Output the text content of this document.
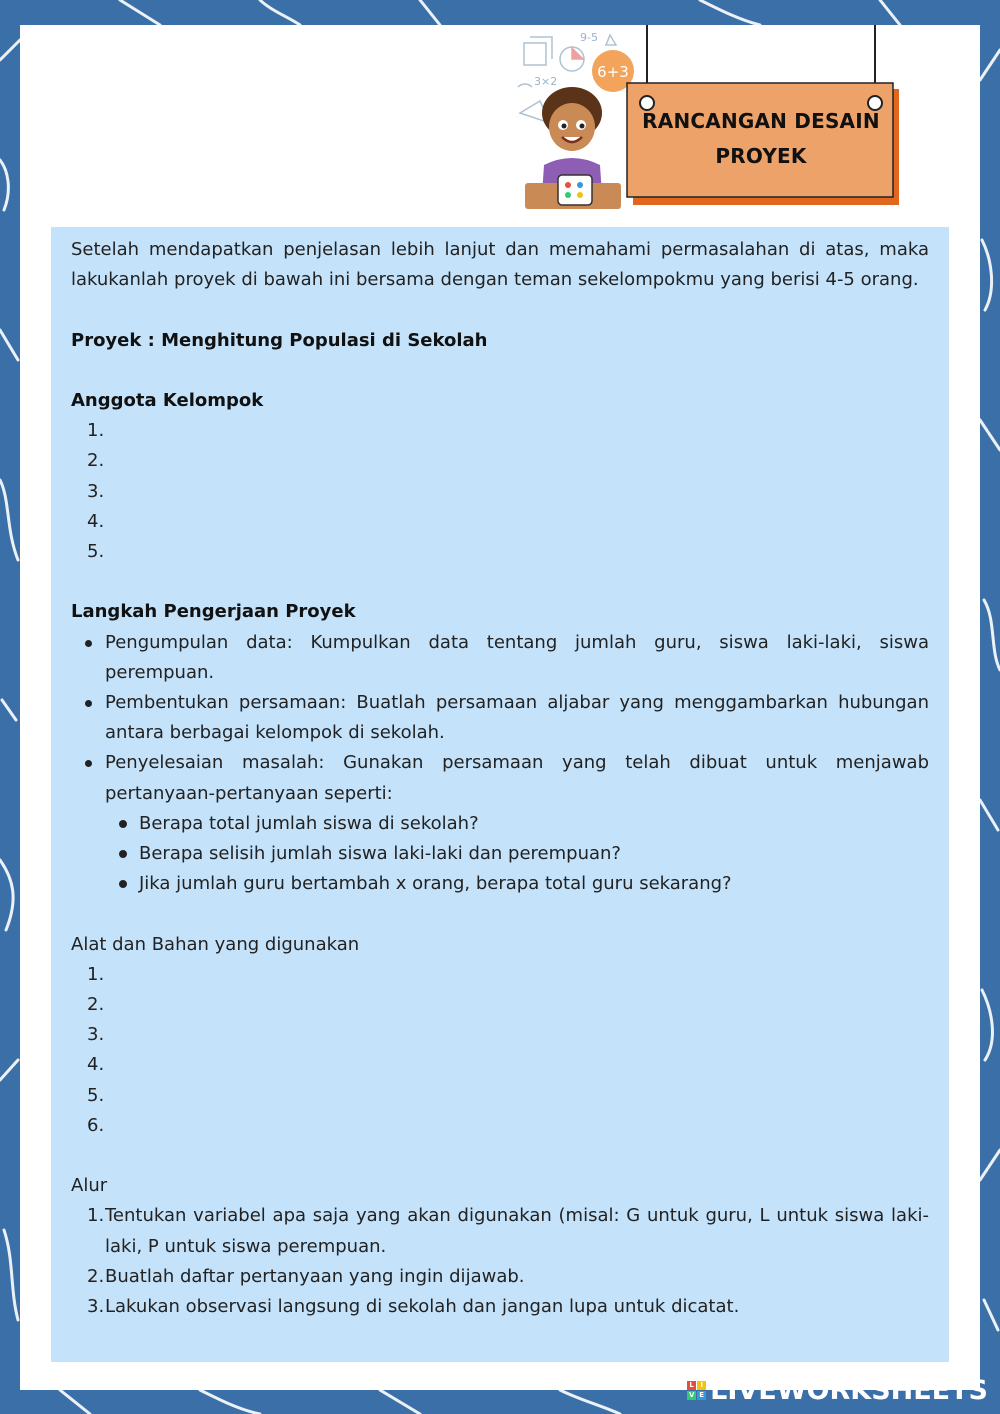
9-5
3×2
6+3
RANCANGAN DESAIN
PROYEK

Setelah mendapatkan penjelasan lebih lanjut dan memahami permasalahan di atas, maka lakukanlah proyek di bawah ini bersama dengan teman sekelompokmu yang berisi 4-5 orang.

Proyek : Menghitung Populasi di Sekolah

Anggota Kelompok

1.
2.
3.
4.
5.

Langkah Pengerjaan Proyek

Pengumpulan data: Kumpulkan data tentang jumlah guru, siswa laki-laki, siswa perempuan.
Pembentukan persamaan: Buatlah persamaan aljabar yang menggambarkan hubungan antara berbagai kelompok di sekolah.
Penyelesaian masalah: Gunakan persamaan yang telah dibuat untuk menjawab pertanyaan-pertanyaan seperti:
Berapa total jumlah siswa di sekolah?
Berapa selisih jumlah siswa laki-laki dan perempuan?
Jika jumlah guru bertambah x orang, berapa total guru sekarang?

Alat dan Bahan yang digunakan

1.
2.
3.
4.
5.
6.

Alur

1. Tentukan variabel apa saja yang akan digunakan (misal: G untuk guru, L untuk siswa laki-laki, P untuk siswa perempuan.
2. Buatlah daftar pertanyaan yang ingin dijawab.
3. Lakukan observasi langsung di sekolah dan jangan lupa untuk dicatat.
L I
V E LIVEWORKSHEETS
